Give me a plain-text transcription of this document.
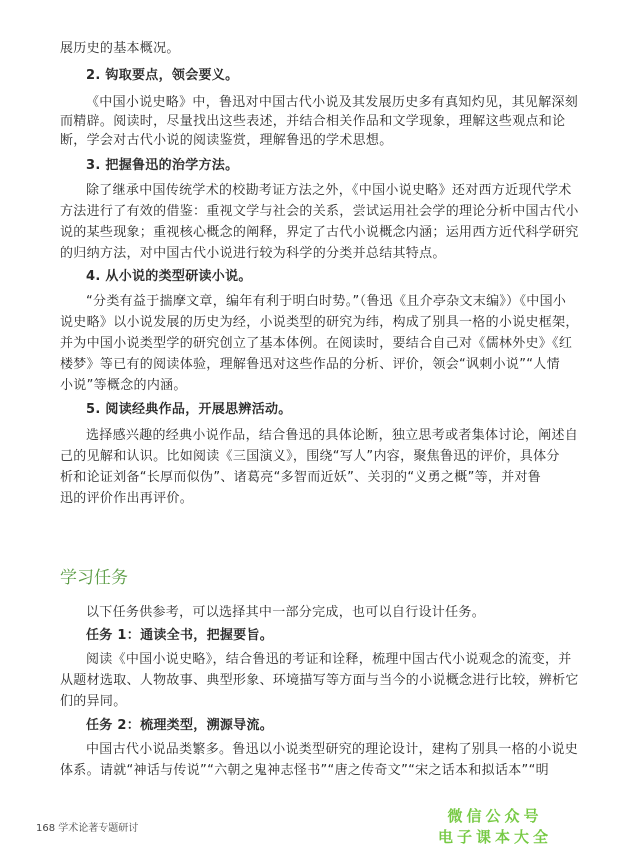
展历史的基本概况。
2. 钩取要点，领会要义。
《中国小说史略》中，鲁迅对中国古代小说及其发展历史多有真知灼见，其见解深刻
而精辟。阅读时，尽量找出这些表述，并结合相关作品和文学现象，理解这些观点和论
断，学会对古代小说的阅读鉴赏，理解鲁迅的学术思想。
3. 把握鲁迅的治学方法。
除了继承中国传统学术的校勘考证方法之外，《中国小说史略》还对西方近现代学术
方法进行了有效的借鉴：重视文学与社会的关系，尝试运用社会学的理论分析中国古代小
说的某些现象；重视核心概念的阐释，界定了古代小说概念内涵；运用西方近代科学研究
的归纳方法，对中国古代小说进行较为科学的分类并总结其特点。
4. 从小说的类型研读小说。
“分类有益于揣摩文章，编年有利于明白时势。”（鲁迅《且介亭杂文末编》）《中国小
说史略》以小说发展的历史为经，小说类型的研究为纬，构成了别具一格的小说史框架，
并为中国小说类型学的研究创立了基本体例。在阅读时，要结合自己对《儒林外史》《红
楼梦》等已有的阅读体验，理解鲁迅对这些作品的分析、评价，领会“讽刺小说”“人情
小说”等概念的内涵。
5. 阅读经典作品，开展思辨活动。
选择感兴趣的经典小说作品，结合鲁迅的具体论断，独立思考或者集体讨论，阐述自
己的见解和认识。比如阅读《三国演义》，围绕“写人”内容，聚焦鲁迅的评价，具体分
析和论证刘备“长厚而似伪”、诸葛亮“多智而近妖”、关羽的“义勇之概”等，并对鲁
迅的评价作出再评价。
学习任务
以下任务供参考，可以选择其中一部分完成，也可以自行设计任务。
任务 1：通读全书，把握要旨。
阅读《中国小说史略》，结合鲁迅的考证和诠释，梳理中国古代小说观念的流变，并
从题材选取、人物故事、典型形象、环境描写等方面与当今的小说概念进行比较，辨析它
们的异同。
任务 2：梳理类型，溯源导流。
中国古代小说品类繁多。鲁迅以小说类型研究的理论设计，建构了别具一格的小说史
体系。请就“神话与传说”“六朝之鬼神志怪书”“唐之传奇文”“宋之话本和拟话本”“明
168 学术论著专题研讨
微信公众号
电子课本大全
